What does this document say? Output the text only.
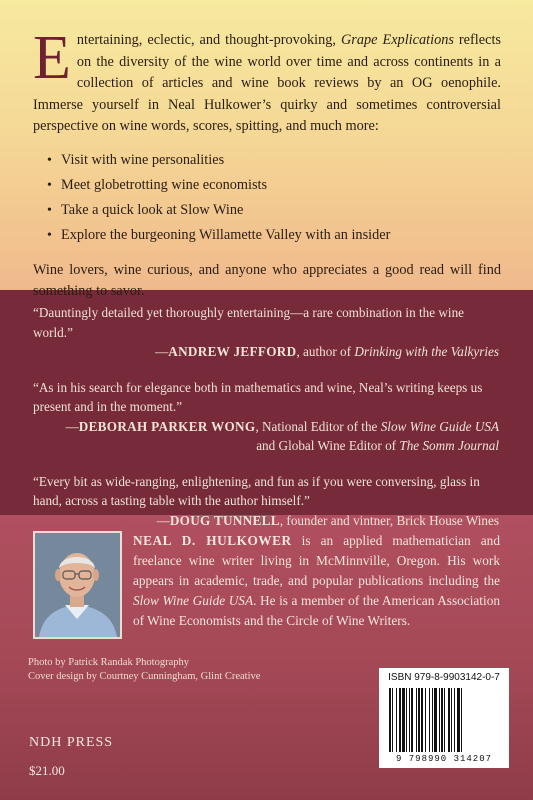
Entertaining, eclectic, and thought-provoking, Grape Explications reflects on the diversity of the wine world over time and across continents in a collection of articles and wine book reviews by an OG oenophile. Immerse yourself in Neal Hulkower’s quirky and sometimes controversial perspective on wine words, scores, spitting, and much more:
• Visit with wine personalities
• Meet globetrotting wine economists
• Take a quick look at Slow Wine
• Explore the burgeoning Willamette Valley with an insider
Wine lovers, wine curious, and anyone who appreciates a good read will find something to savor.
“Dauntingly detailed yet thoroughly entertaining—a rare combination in the wine world.”
—ANDREW JEFFORD, author of Drinking with the Valkyries
“As in his search for elegance both in mathematics and wine, Neal’s writing keeps us present and in the moment.”
—DEBORAH PARKER WONG, National Editor of the Slow Wine Guide USA
and Global Wine Editor of The Somm Journal
“Every bit as wide-ranging, enlightening, and fun as if you were conversing, glass in hand, across a tasting table with the author himself.”
—DOUG TUNNELL, founder and vintner, Brick House Wines
NEAL D. HULKOWER is an applied mathematician and freelance wine writer living in McMinnville, Oregon. His work appears in academic, trade, and popular publications including the Slow Wine Guide USA. He is a member of the American Association of Wine Economists and the Circle of Wine Writers.
Photo by Patrick Randak Photography
Cover design by Courtney Cunningham, Glint Creative
NDH PRESS
$21.00
ISBN 979-8-9903142-0-7
9 798990 314207
